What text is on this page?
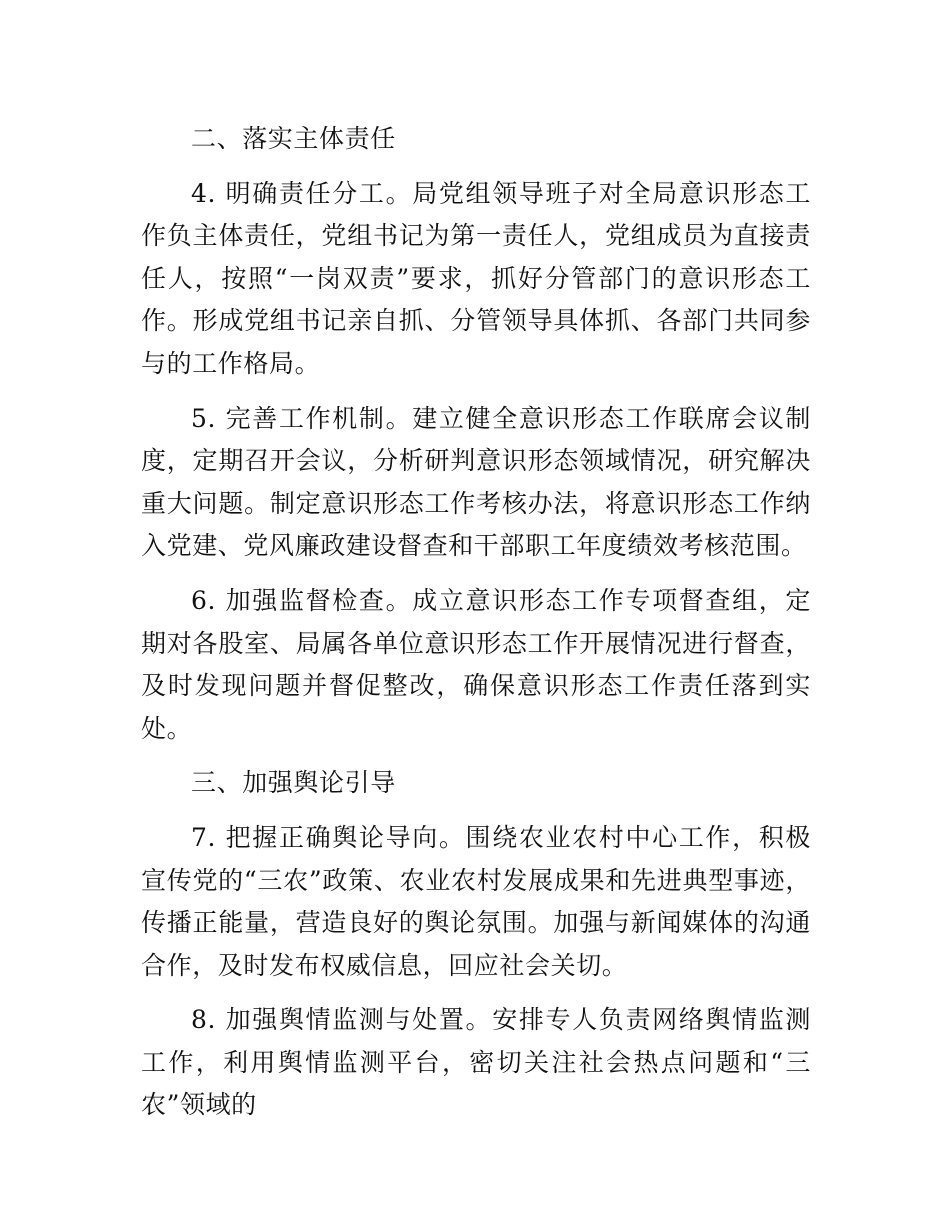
二、落实主体责任

4. 明确责任分工。局党组领导班子对全局意识形态工作负主体责任，党组书记为第一责任人，党组成员为直接责任人，按照“一岗双责”要求，抓好分管部门的意识形态工作。形成党组书记亲自抓、分管领导具体抓、各部门共同参与的工作格局。

5. 完善工作机制。建立健全意识形态工作联席会议制度，定期召开会议，分析研判意识形态领域情况，研究解决重大问题。制定意识形态工作考核办法，将意识形态工作纳入党建、党风廉政建设督查和干部职工年度绩效考核范围。

6. 加强监督检查。成立意识形态工作专项督查组，定期对各股室、局属各单位意识形态工作开展情况进行督查，及时发现问题并督促整改，确保意识形态工作责任落到实处。

三、加强舆论引导

7. 把握正确舆论导向。围绕农业农村中心工作，积极宣传党的“三农”政策、农业农村发展成果和先进典型事迹，传播正能量，营造良好的舆论氛围。加强与新闻媒体的沟通合作，及时发布权威信息，回应社会关切。

8. 加强舆情监测与处置。安排专人负责网络舆情监测工作，利用舆情监测平台，密切关注社会热点问题和“三农”领域的
